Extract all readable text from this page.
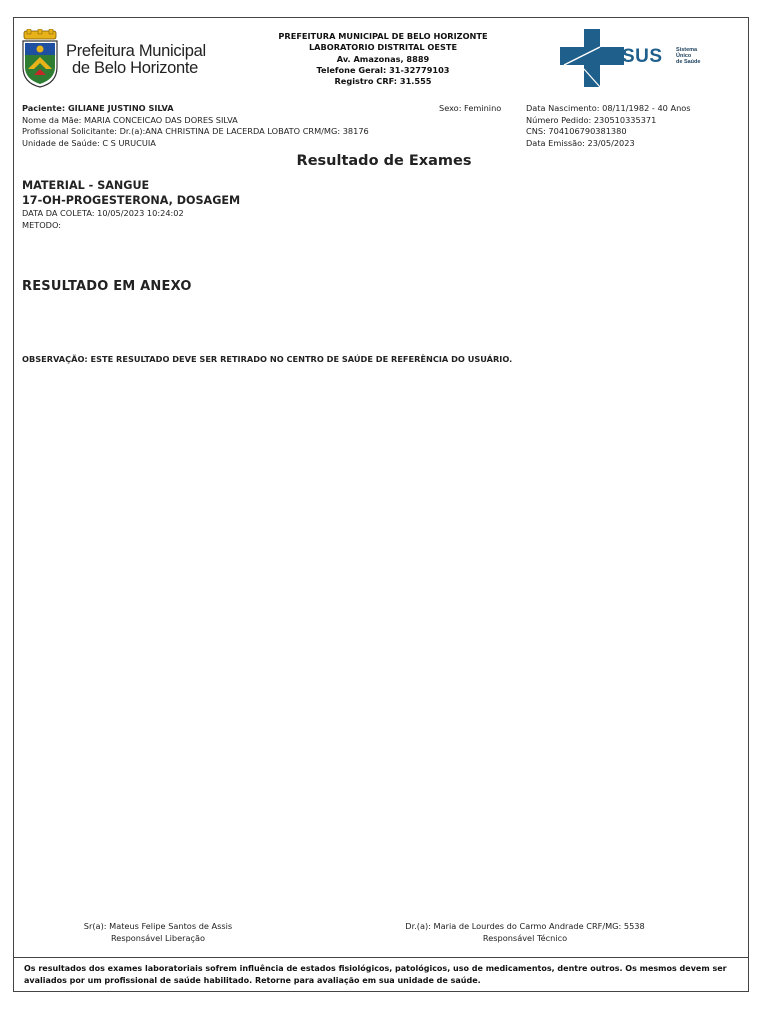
Prefeitura Municipal
de Belo Horizonte
PREFEITURA MUNICIPAL DE BELO HORIZONTE
LABORATORIO DISTRITAL OESTE
Av. Amazonas, 8889
Telefone Geral: 31-32779103
Registro CRF: 31.555
SUS Sistema
Único
de Saúde
Paciente: GILIANE JUSTINO SILVA
Nome da Mãe: MARIA CONCEICAO DAS DORES SILVA
Profissional Solicitante: Dr.(a):ANA CHRISTINA DE LACERDA LOBATO CRM/MG: 38176
Unidade de Saúde: C S URUCUIA
Sexo: Feminino	Data Nascimento: 08/11/1982 - 40 Anos
Número Pedido: 230510335371
CNS: 704106790381380
Data Emissão: 23/05/2023
Resultado de Exames
MATERIAL - SANGUE
17-OH-PROGESTERONA, DOSAGEM
DATA DA COLETA: 10/05/2023 10:24:02
METODO:
RESULTADO EM ANEXO
OBSERVAÇÃO: ESTE RESULTADO DEVE SER RETIRADO NO CENTRO DE SAÚDE DE REFERÊNCIA DO USUÁRIO.
Sr(a): Mateus Felipe Santos de Assis
Responsável Liberação
Dr.(a): Maria de Lourdes do Carmo Andrade CRF/MG: 5538
Responsável Técnico
Os resultados dos exames laboratoriais sofrem influência de estados fisiológicos, patológicos, uso de medicamentos, dentre outros. Os mesmos devem ser avaliados por um profissional de saúde habilitado. Retorne para avaliação em sua unidade de saúde.
